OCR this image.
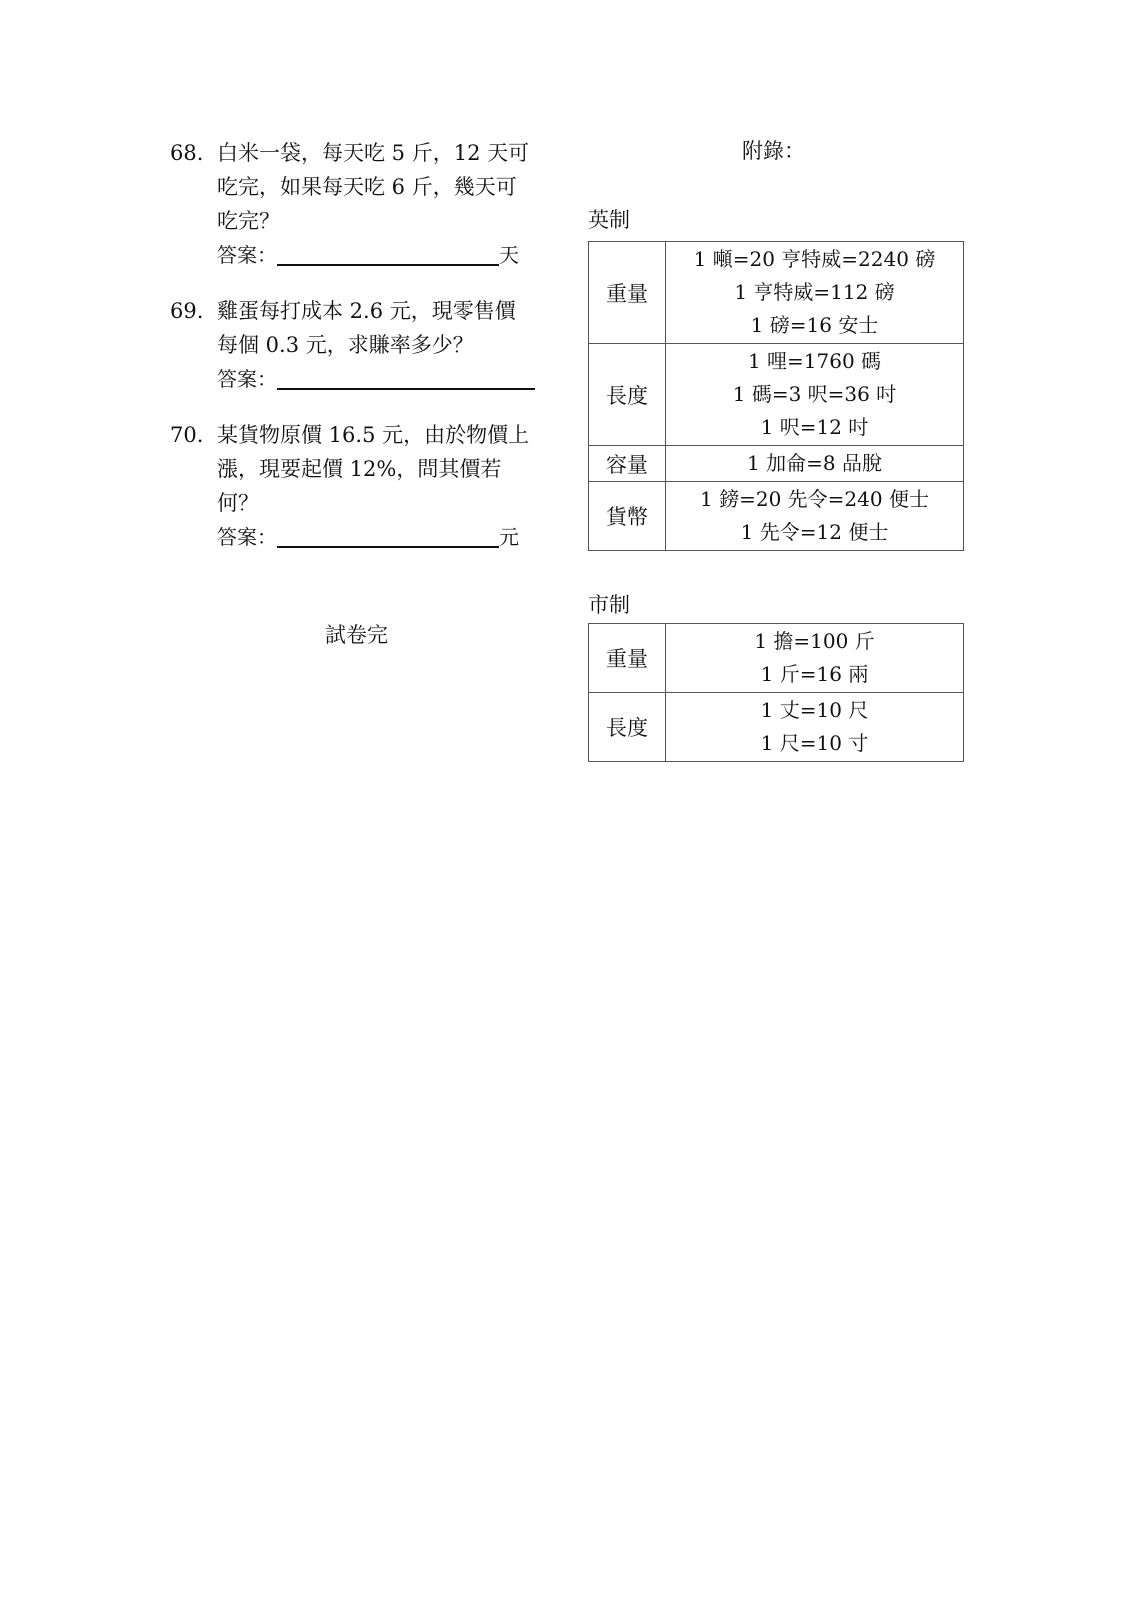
68. 白米一袋，每天吃 5 斤，12 天可
吃完，如果每天吃 6 斤，幾天可
吃完？
答案：	天
69. 雞蛋每打成本 2.6 元，現零售價
每個 0.3 元，求賺率多少？
答案：
70. 某貨物原價 16.5 元，由於物價上
漲，現要起價 12%，問其價若
何？
答案：	元
試卷完
附錄：
英制
重量	1 噸=20 亨特威=2240 磅
1 亨特威=112 磅
1 磅=16 安士

長度	1 哩=1760 碼
1 碼=3 呎=36 吋
1 呎=12 吋

容量	1 加侖=8 品脫

貨幣	1 鎊=20 先令=240 便士
1 先令=12 便士
市制
重量	1 擔=100 斤
1 斤=16 兩

長度	1 丈=10 尺
1 尺=10 寸
